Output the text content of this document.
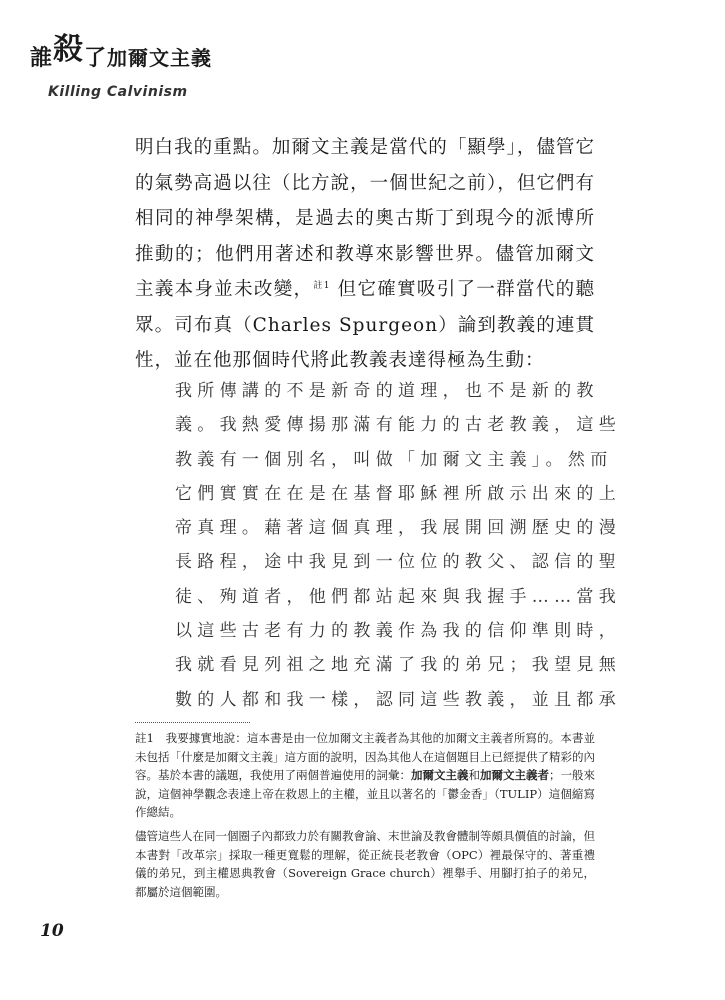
誰殺了加爾文主義
Killing Calvinism

明白我的重點。加爾文主義是當代的「顯學」，儘管它的氣勢高過以往（比方說，一個世紀之前），但它們有相同的神學架構，是過去的奧古斯丁到現今的派博所推動的；他們用著述和教導來影響世界。儘管加爾文主義本身並未改變，$^{註1}$ 但它確實吸引了一群當代的聽眾。司布真（Charles Spurgeon）論到教義的連貫性，並在他那個時代將此教義表達得極為生動：

我所傳講的不是新奇的道理，也不是新的教

義。我熱愛傳揚那滿有能力的古老教義，這些

教義有一個別名，叫做「加爾文主義」。然而

它們實實在在是在基督耶穌裡所啟示出來的上

帝真理。藉著這個真理，我展開回溯歷史的漫

長路程，途中我見到一位位的教父、認信的聖

徒、殉道者，他們都站起來與我握手……當我

以這些古老有力的教義作為我的信仰準則時，

我就看見列祖之地充滿了我的弟兄；我望見無

數的人都和我一樣，認同這些教義，並且都承

註1　我要據實地說：這本書是由一位加爾文主義者為其他的加爾文主義者所寫的。本書並未包括「什麼是加爾文主義」這方面的說明，因為其他人在這個題目上已經提供了精彩的內容。基於本書的議題，我使用了兩個普遍使用的詞彙：加爾文主義和加爾文主義者；一般來說，這個神學觀念表達上帝在救恩上的主權，並且以著名的「鬱金香」（TULIP）這個縮寫作總結。

儘管這些人在同一個圈子內都致力於有關教會論、末世論及教會體制等頗具價值的討論，但本書對「改革宗」採取一種更寬鬆的理解，從正統長老教會（OPC）裡最保守的、著重禮儀的弟兄，到主權恩典教會（Sovereign Grace church）裡舉手、用腳打拍子的弟兄，都屬於這個範圍。

10
